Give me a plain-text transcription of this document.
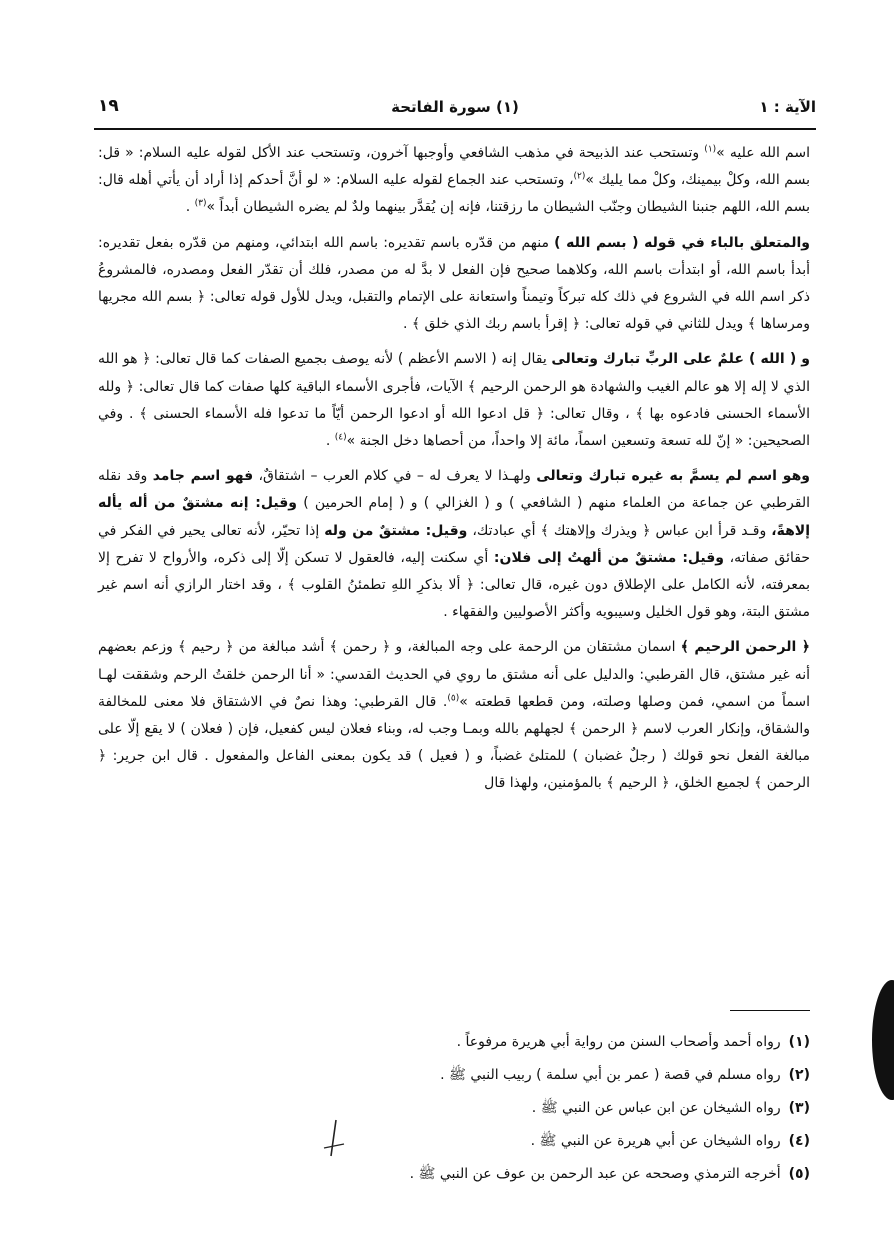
الآية : ١
(١) سورة الفاتحة
١٩

اسم الله عليه »$^{(١)}$ وتستحب عند الذبيحة في مذهب الشافعي وأوجبها آخرون، وتستحب عند الأكل لقوله عليه السلام: « قل: بسم الله، وكلْ بيمينك، وكلْ مما يليك »$^{(٢)}$، وتستحب عند الجماع لقوله عليه السلام: « لو أنَّ أحدكم إذا أراد أن يأتي أهله قال: بسم الله، اللهم جنبنا الشيطان وجنّب الشيطان ما رزقتنا، فإنه إن يُقدَّر بينهما ولدٌ لم يضره الشيطان أبداً »$^{(٣)}$ .

والمتعلق بالباء في قوله ( بسم الله ) منهم من قدّره باسم تقديره: باسم الله ابتدائي، ومنهم من قدّره بفعل تقديره: أبدأ باسم الله، أو ابتدأت باسم الله، وكلاهما صحيح فإن الفعل لا بدَّ له من مصدر، فلك أن تقدّر الفعل ومصدره، فالمشروعُ ذكر اسم الله في الشروع في ذلك كله تبركاً وتيمناً واستعانة على الإتمام والتقبل، ويدل للأول قوله تعالى: ﴿ بسم الله مجريها ومرساها ﴾ ويدل للثاني في قوله تعالى: ﴿ إقرأ باسم ربك الذي خلق ﴾ .

و ( الله ) علمٌ على الربِّ تبارك وتعالى يقال إنه ( الاسم الأعظم ) لأنه يوصف بجميع الصفات كما قال تعالى: ﴿ هو الله الذي لا إله إلا هو عالم الغيب والشهادة هو الرحمن الرحيم ﴾ الآيات، فأجرى الأسماء الباقية كلها صفات كما قال تعالى: ﴿ ولله الأسماء الحسنى فادعوه بها ﴾ ، وقال تعالى: ﴿ قل ادعوا الله أو ادعوا الرحمن أيّاً ما تدعوا فله الأسماء الحسنى ﴾ . وفي الصحيحين: « إنّ لله تسعة وتسعين اسماً، مائة إلا واحداً، من أحصاها دخل الجنة »$^{(٤)}$ .

وهو اسم لم يسمَّ به غيره تبارك وتعالى ولهـذا لا يعرف له – في كلام العرب – اشتقاقٌ، فهو اسم جامد وقد نقله القرطبي عن جماعة من العلماء منهم ( الشافعي ) و ( الغزالي ) و ( إمام الحرمين ) وقيل: إنه مشتقٌ من أله يأله إلاهةً، وقـد قرأ ابن عباس ﴿ ويذرك وإلاهتك ﴾ أي عبادتك، وقيل: مشتقٌ من وله إذا تحيّر، لأنه تعالى يحير في الفكر في حقائق صفاته، وقيل: مشتقٌ من ألهتُ إلى فلان: أي سكنت إليه، فالعقول لا تسكن إلّا إلى ذكره، والأرواح لا تفرح إلا بمعرفته، لأنه الكامل على الإطلاق دون غيره، قال تعالى: ﴿ ألا بذكرِ اللهِ تطمئنُ القلوب ﴾ ، وقد اختار الرازي أنه اسم غير مشتق البتة، وهو قول الخليل وسيبويه وأكثر الأصوليين والفقهاء .

﴿ الرحمن الرحيم ﴾ اسمان مشتقان من الرحمة على وجه المبالغة، و ﴿ رحمن ﴾ أشد مبالغة من ﴿ رحيم ﴾ وزعم بعضهم أنه غير مشتق، قال القرطبي: والدليل على أنه مشتق ما روي في الحديث القدسي: « أنا الرحمن خلقتُ الرحم وشققت لهـا اسماً من اسمي، فمن وصلها وصلته، ومن قطعها قطعته »$^{(٥)}$. قال القرطبي: وهذا نصٌ في الاشتقاق فلا معنى للمخالفة والشقاق، وإنكار العرب لاسم ﴿ الرحمن ﴾ لجهلهم بالله وبمـا وجب له، وبناء فعلان ليس كفعيل، فإن ( فعلان ) لا يقع إلّا على مبالغة الفعل نحو قولك ( رجلٌ غضبان ) للمتلئ غضباً، و ( فعيل ) قد يكون بمعنى الفاعل والمفعول . قال ابن جرير: ﴿ الرحمن ﴾ لجميع الخلق، ﴿ الرحيم ﴾ بالمؤمنين، ولهذا قال

(١)رواه أحمد وأصحاب السنن من رواية أبي هريرة مرفوعاً .
(٢)رواه مسلم في قصة ( عمر بن أبي سلمة ) ربيب النبي ﷺ .
(٣)رواه الشيخان عن ابن عباس عن النبي ﷺ .
(٤)رواه الشيخان عن أبي هريرة عن النبي ﷺ .
(٥)أخرجه الترمذي وصححه عن عبد الرحمن بن عوف عن النبي ﷺ .
